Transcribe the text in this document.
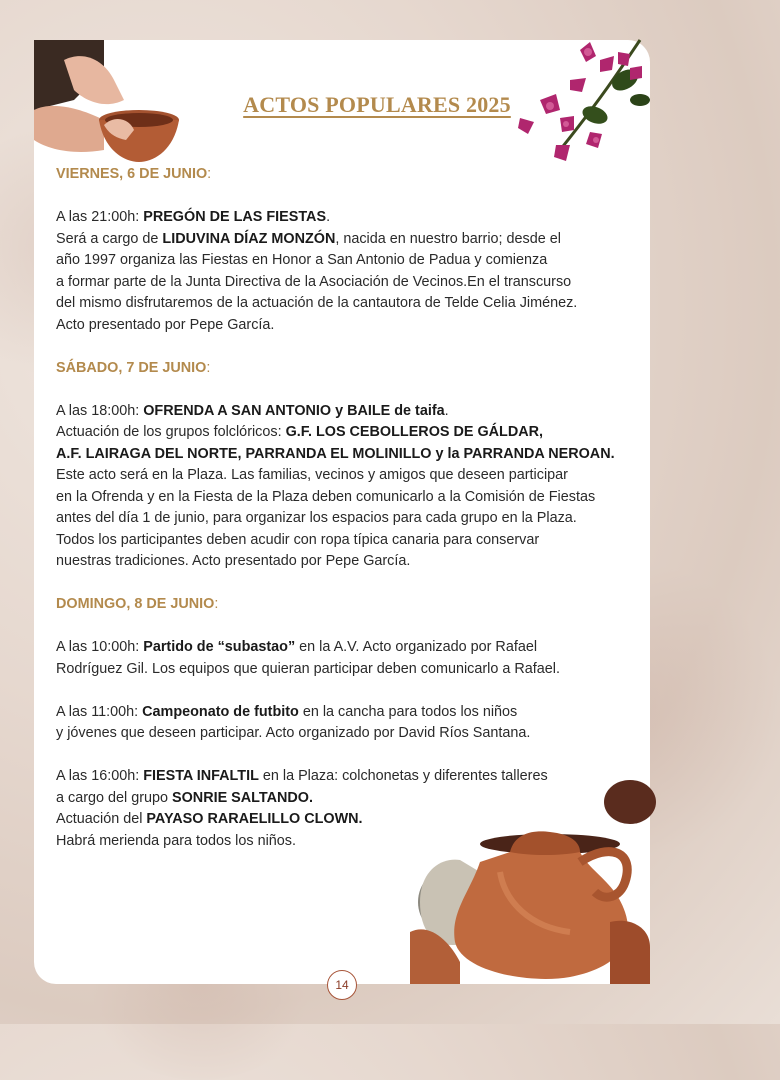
ACTOS POPULARES 2025

VIERNES, 6 DE JUNIO:

A las 21:00h: PREGÓN DE LAS FIESTAS.

Será a cargo de LIDUVINA DÍAZ MONZÓN, nacida en nuestro barrio; desde el

año 1997 organiza las Fiestas en Honor a San Antonio de Padua y comienza

a formar parte de la Junta Directiva de la Asociación de Vecinos.En el transcurso

del mismo disfrutaremos de la actuación de la cantautora de Telde Celia Jiménez.

Acto presentado por Pepe García.

SÁBADO, 7 DE JUNIO:

A las 18:00h: OFRENDA A SAN ANTONIO y BAILE de taifa.

Actuación de los grupos folclóricos: G.F. LOS CEBOLLEROS DE GÁLDAR,

A.F. LAIRAGA DEL NORTE, PARRANDA EL MOLINILLO y la PARRANDA NEROAN.

Este acto será en la Plaza. Las familias, vecinos y amigos que deseen participar

en la Ofrenda y en la Fiesta de la Plaza deben comunicarlo a la Comisión de Fiestas

antes del día 1 de junio, para organizar los espacios para cada grupo en la Plaza.

Todos los participantes deben acudir con ropa típica canaria para conservar

nuestras tradiciones. Acto presentado por Pepe García.

DOMINGO, 8 DE JUNIO:

A las 10:00h: Partido de “subastao” en la A.V. Acto organizado por Rafael

Rodríguez Gil. Los equipos que quieran participar deben comunicarlo a Rafael.

A las 11:00h: Campeonato de futbito en la cancha para todos los niños

y jóvenes que deseen participar. Acto organizado por David Ríos Santana.

A las 16:00h: FIESTA INFALTIL en la Plaza: colchonetas y diferentes talleres

a cargo del grupo SONRIE SALTANDO.

Actuación del PAYASO RARAELILLO CLOWN.

Habrá merienda para todos los niños.

14
